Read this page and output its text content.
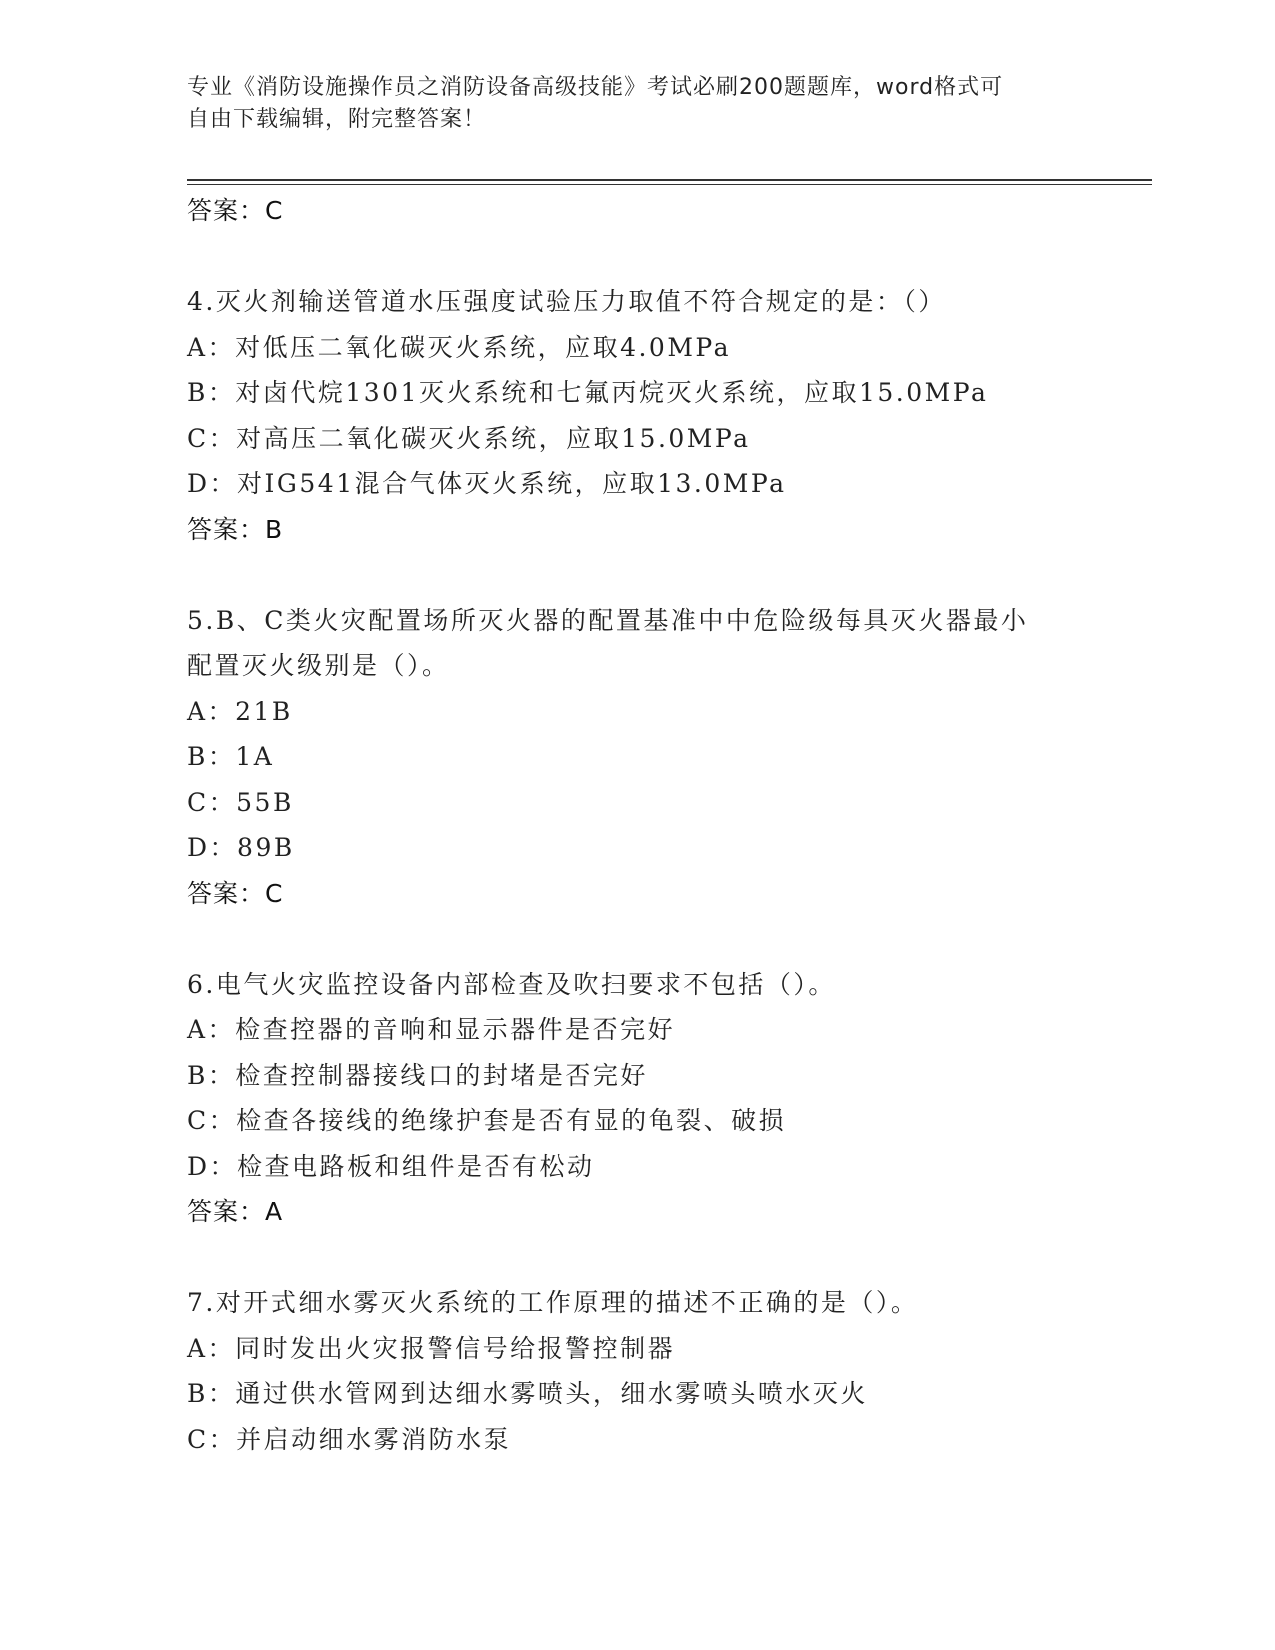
专业《消防设施操作员之消防设备高级技能》考试必刷200题题库，word格式可
自由下载编辑，附完整答案！
答案：C
4.灭火剂输送管道水压强度试验压力取值不符合规定的是：（）
A：对低压二氧化碳灭火系统，应取4.0MPa
B：对卤代烷1301灭火系统和七氟丙烷灭火系统，应取15.0MPa
C：对高压二氧化碳灭火系统，应取15.0MPa
D：对IG541混合气体灭火系统，应取13.0MPa
答案：B
5.B、C类火灾配置场所灭火器的配置基准中中危险级每具灭火器最小
配置灭火级别是（）。
A：21B
B：1A
C：55B
D：89B
答案：C
6.电气火灾监控设备内部检查及吹扫要求不包括（）。
A：检查控器的音响和显示器件是否完好
B：检查控制器接线口的封堵是否完好
C：检查各接线的绝缘护套是否有显的龟裂、破损
D：检查电路板和组件是否有松动
答案：A
7.对开式细水雾灭火系统的工作原理的描述不正确的是（）。
A：同时发出火灾报警信号给报警控制器
B：通过供水管网到达细水雾喷头，细水雾喷头喷水灭火
C：并启动细水雾消防水泵
